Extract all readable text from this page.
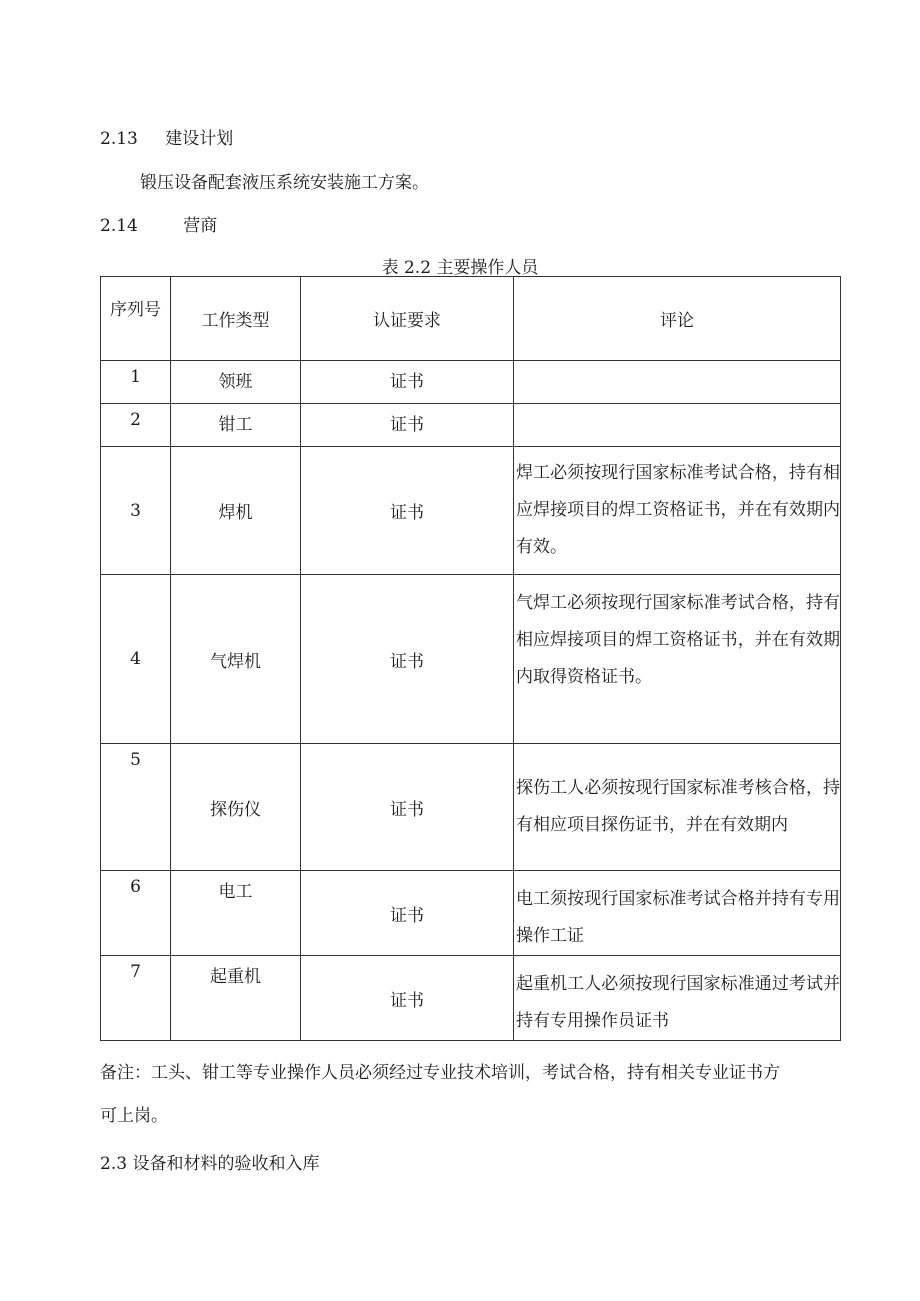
2.13 建设计划
锻压设备配套液压系统安装施工方案。
2.14	营商
表 2.2 主要操作人员
序列号	工作类型	认证要求	评论

1	领班	证书	

2	钳工	证书	

3	焊机	证书	焊工必须按现行国家标准考试合格，持有相应焊接项目的焊工资格证书，并在有效期内有效。
4	气焊机	证书	气焊工必须按现行国家标准考试合格，持有相应焊接项目的焊工资格证书，并在有效期内取得资格证书。

5	探伤仪	证书	探伤工人必须按现行国家标准考核合格，持有相应项目探伤证书，并在有效期内

6	电工	证书	电工须按现行国家标准考试合格并持有专用操作工证

7	起重机	证书	起重机工人必须按现行国家标准通过考试并持有专用操作员证书
备注：工头、钳工等专业操作人员必须经过专业技术培训，考试合格，持有相关专业证书方
可上岗。
2.3 设备和材料的验收和入库
